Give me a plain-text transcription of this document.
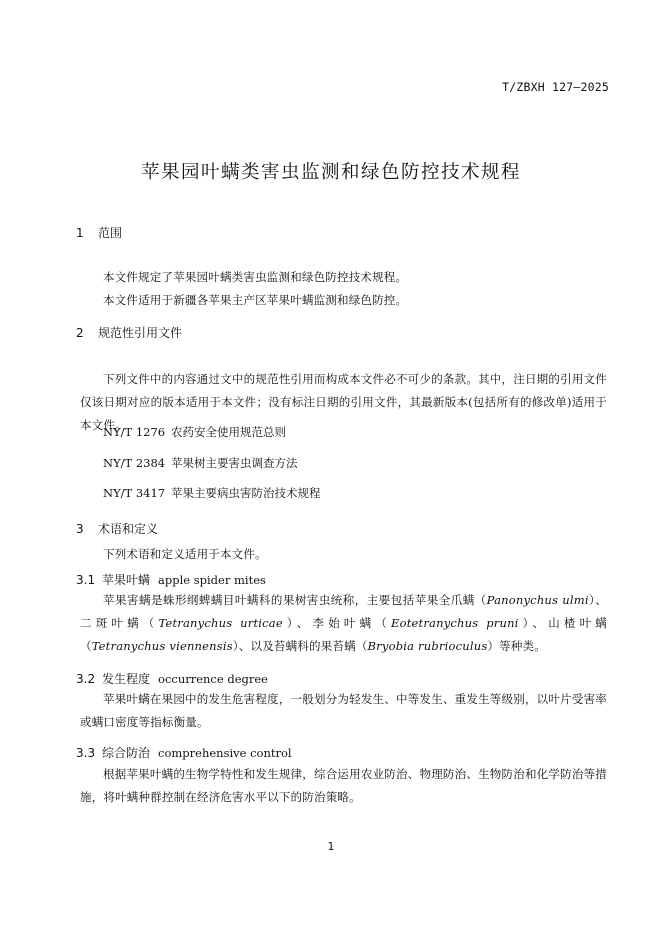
T/ZBXH 127—2025
苹果园叶螨类害虫监测和绿色防控技术规程
1 范围
本文件规定了苹果园叶螨类害虫监测和绿色防控技术规程。
本文件适用于新疆各苹果主产区苹果叶螨监测和绿色防控。
2 规范性引用文件
下列文件中的内容通过文中的规范性引用而构成本文件必不可少的条款。其中，注日期的引用文件仅该日期对应的版本适用于本文件；没有标注日期的引用文件，其最新版本(包括所有的修改单)适用于本文件。
NY/T 1276 农药安全使用规范总则
NY/T 2384 苹果树主要害虫调查方法
NY/T 3417 苹果主要病虫害防治技术规程
3 术语和定义
下列术语和定义适用于本文件。
3.1 苹果叶螨 apple spider mites
苹果害螨是蛛形纲蜱螨目叶螨科的果树害虫统称，主要包括苹果全爪螨（Panonychus ulmi）、二斑叶螨（Tetranychus urticae）、李始叶螨（Eotetranychus pruni）、山楂叶螨（Tetranychus viennensis）、以及苔螨科的果苔螨（Bryobia rubrioculus）等种类。
3.2 发生程度 occurrence degree
苹果叶螨在果园中的发生危害程度，一般划分为轻发生、中等发生、重发生等级别，以叶片受害率 或螨口密度等指标衡量。
3.3 综合防治 comprehensive control
根据苹果叶螨的生物学特性和发生规律，综合运用农业防治、物理防治、生物防治和化学防治等措施，将叶螨种群控制在经济危害水平以下的防治策略。
1
